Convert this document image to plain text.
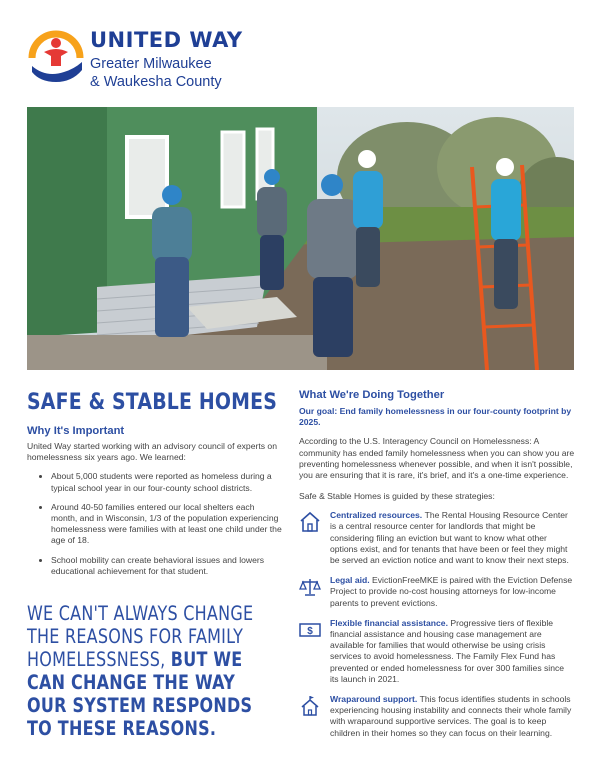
UNITED WAY
Greater Milwaukee
& Waukesha County
SAFE & STABLE HOMES
Why It's Important
United Way started working with an advisory council of experts on homelessness six years ago. We learned:
• About 5,000 students were reported as homeless during a typical school year in our four-county school districts.
• Around 40-50 families entered our local shelters each month, and in Wisconsin, 1/3 of the population experiencing homelessness were families with at least one child under the age of 18.
• School mobility can create behavioral issues and lowers educational achievement for that student.
WE CAN'T ALWAYS CHANGE THE REASONS FOR FAMILY HOMELESSNESS, BUT WE CAN CHANGE THE WAY OUR SYSTEM RESPONDS TO THESE REASONS.
What We're Doing Together
Our goal: End family homelessness in our four-county footprint by 2025.
According to the U.S. Interagency Council on Homelessness: A community has ended family homelessness when you can show you are preventing homelessness whenever possible, and when it isn't possible, you are ensuring that it is rare, it's brief, and it's a one-time experience.
Safe & Stable Homes is guided by these strategies:
Centralized resources. The Rental Housing Resource Center is a central resource center for landlords that might be considering filing an eviction but want to know what other options exist, and for tenants that have been or feel they might be served an eviction notice and want to know their next steps.
Legal aid. EvictionFreeMKE is paired with the Eviction Defense Project to provide no-cost housing attorneys for low-income parents to prevent evictions.
$
Flexible financial assistance. Progressive tiers of flexible financial assistance and housing case management are available for families that would otherwise be using crisis services to avoid homelessness. The Family Flex Fund has prevented or ended homelessness for over 300 families since its launch in 2021.
Wraparound support. This focus identifies students in schools experiencing housing instability and connects their whole family with wraparound supportive services. The goal is to keep children in their homes so they can focus on their learning.
